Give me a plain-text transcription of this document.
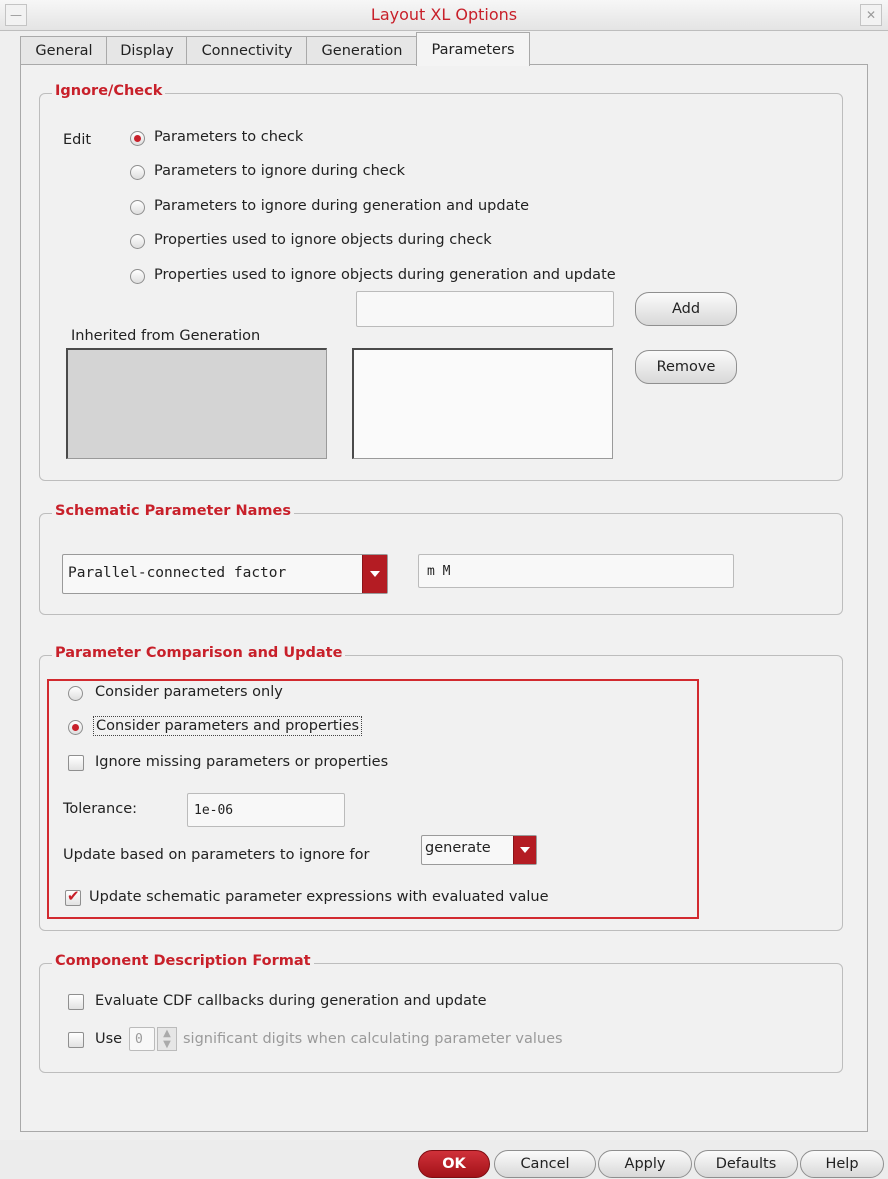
—	Layout XL Options	✕
General	Display	Connectivity	Generation	Parameters
Ignore/Check
Edit	Parameters to check
Parameters to ignore during check
Parameters to ignore during generation and update
Properties used to ignore objects during check
Properties used to ignore objects during generation and update
Add
Inherited from Generation
Remove
Schematic Parameter Names
Parallel-connected factor	m M
Parameter Comparison and Update
Consider parameters only
Consider parameters and properties
Ignore missing parameters or properties
Tolerance:	1e-06
Update based on parameters to ignore for	generate
✔
Update schematic parameter expressions with evaluated value
Component Description Format
Evaluate CDF callbacks during generation and update
Use 0	▲
▼ significant digits when calculating parameter values
OK	Cancel	Apply	Defaults	Help
